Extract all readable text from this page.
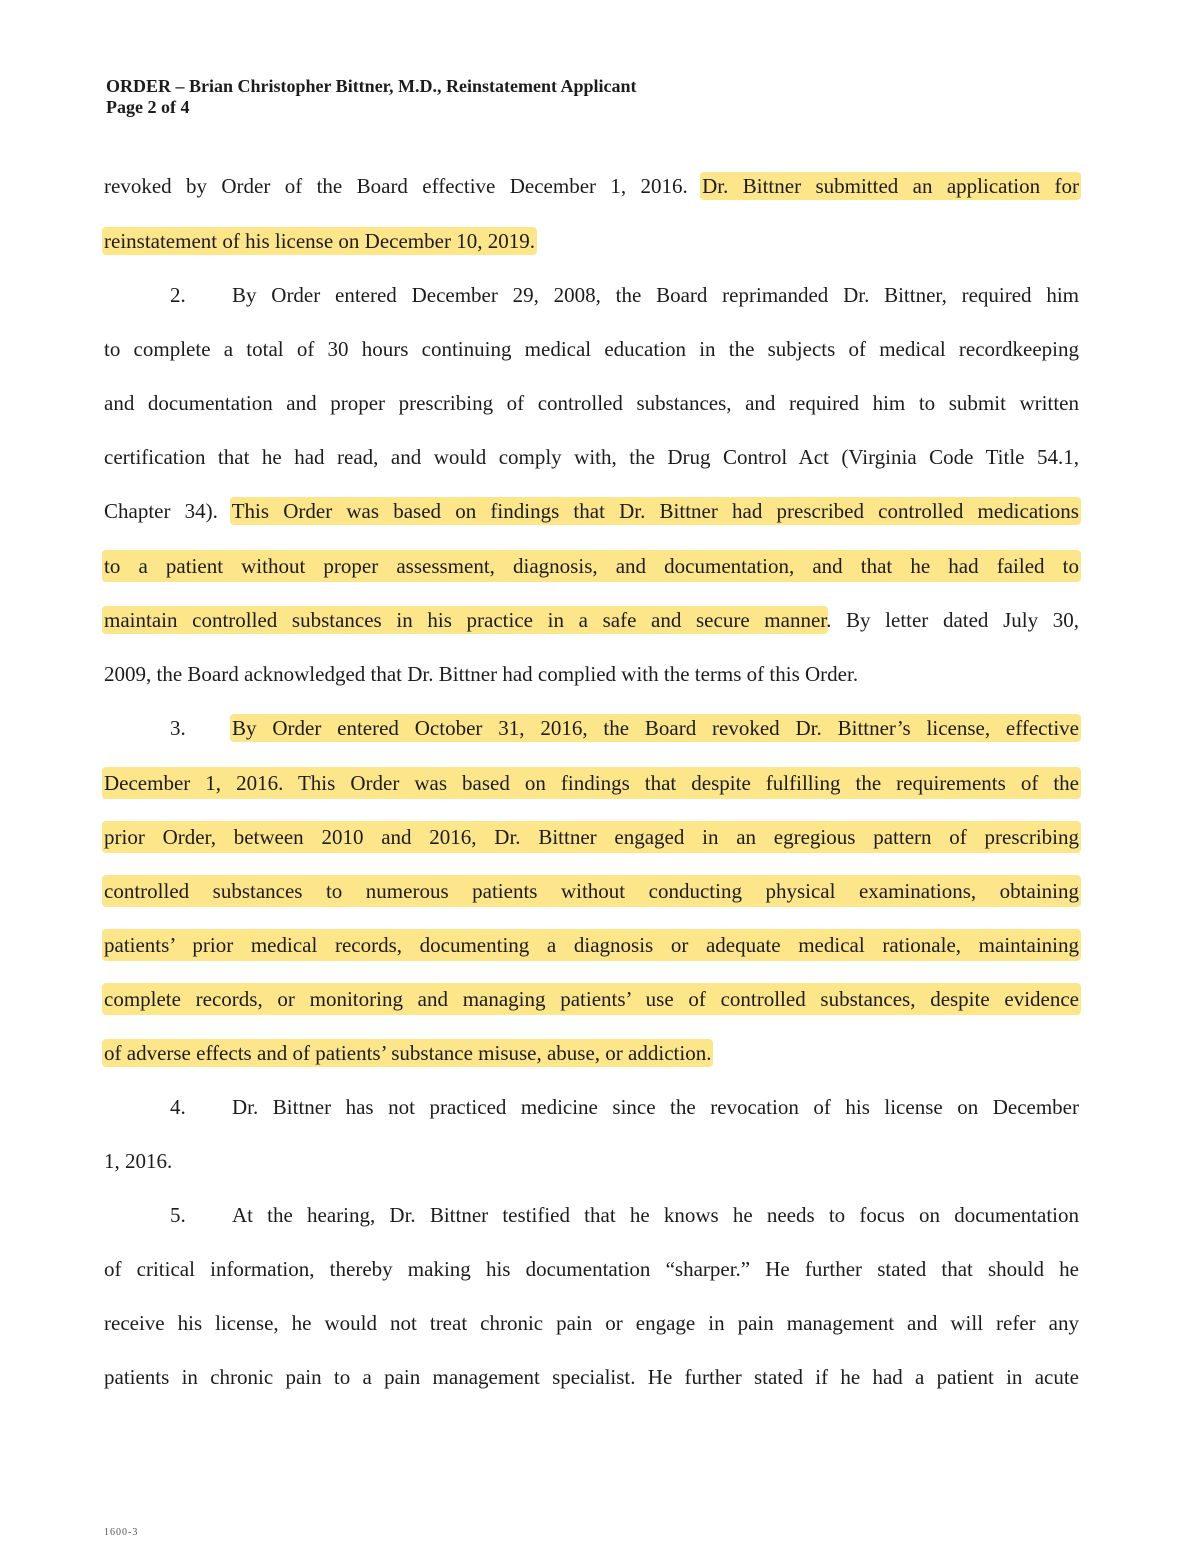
ORDER – Brian Christopher Bittner, M.D., Reinstatement Applicant
Page 2 of 4
revoked by Order of the Board effective December 1, 2016. Dr. Bittner submitted an application for
reinstatement of his license on December 10, 2019.
2. By Order entered December 29, 2008, the Board reprimanded Dr. Bittner, required him
to complete a total of 30 hours continuing medical education in the subjects of medical recordkeeping
and documentation and proper prescribing of controlled substances, and required him to submit written
certification that he had read, and would comply with, the Drug Control Act (Virginia Code Title 54.1,
Chapter 34). This Order was based on findings that Dr. Bittner had prescribed controlled medications
to a patient without proper assessment, diagnosis, and documentation, and that he had failed to
maintain controlled substances in his practice in a safe and secure manner. By letter dated July 30,
2009, the Board acknowledged that Dr. Bittner had complied with the terms of this Order.
3. By Order entered October 31, 2016, the Board revoked Dr. Bittner’s license, effective
December 1, 2016. This Order was based on findings that despite fulfilling the requirements of the
prior Order, between 2010 and 2016, Dr. Bittner engaged in an egregious pattern of prescribing
controlled substances to numerous patients without conducting physical examinations, obtaining
patients’ prior medical records, documenting a diagnosis or adequate medical rationale, maintaining
complete records, or monitoring and managing patients’ use of controlled substances, despite evidence
of adverse effects and of patients’ substance misuse, abuse, or addiction.
4. Dr. Bittner has not practiced medicine since the revocation of his license on December
1, 2016.
5. At the hearing, Dr. Bittner testified that he knows he needs to focus on documentation
of critical information, thereby making his documentation “sharper.” He further stated that should he
receive his license, he would not treat chronic pain or engage in pain management and will refer any
patients in chronic pain to a pain management specialist. He further stated if he had a patient in acute
1600-3
